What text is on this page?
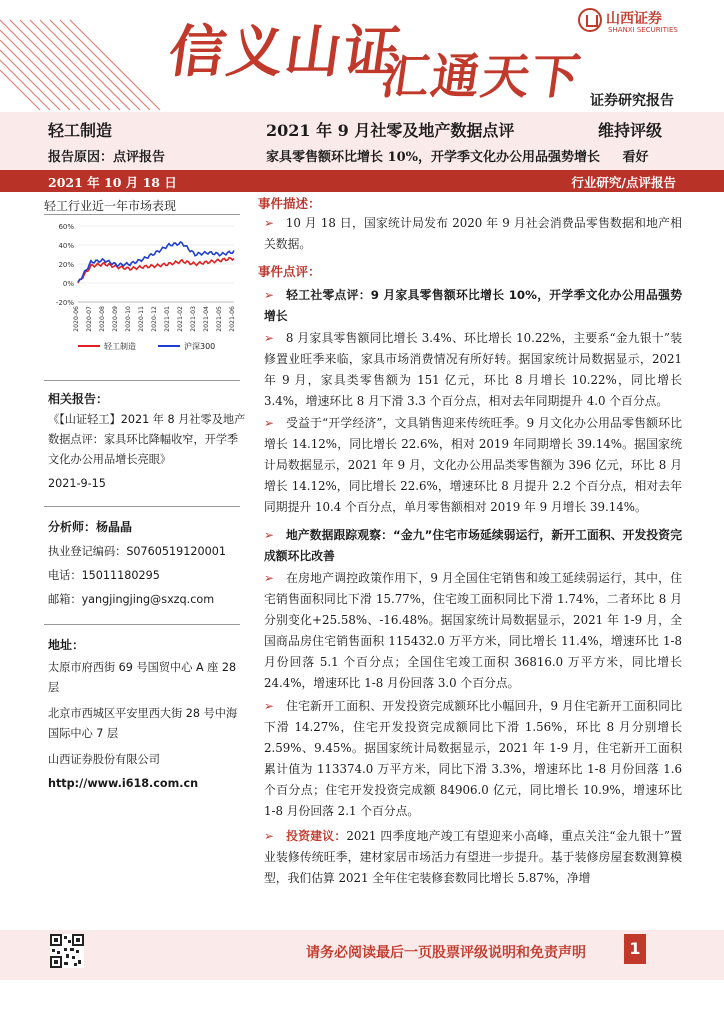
信义山证
汇通天下
山西证券
SHANXI SECURITIES
证券研究报告
轻工制造
报告原因：点评报告
2021 年 9 月社零及地产数据点评	维持评级
家具零售额环比增长 10%，开学季文化办公用品强势增长 看好
2021 年 10 月 18 日	行业研究/点评报告
轻工行业近一年市场表现
60%
40%
20%
0%
-20%
2020-06 2020-07 2020-08 2020-09 2020-10 2020-11 2020-12 2021-01 2021-02 2021-03 2021-04 2021-05 2021-06
轻工制造	沪深300
相关报告：
《【山证轻工】2021 年 8 月社零及地产数据点评：家具环比降幅收窄，开学季文化办公用品增长亮眼》
2021-9-15
分析师：杨晶晶
执业登记编码：S0760519120001
电话：15011180295
邮箱：yangjingjing@sxzq.com
地址：
太原市府西街 69 号国贸中心 A 座 28 层
北京市西城区平安里西大街 28 号中海国际中心 7 层
山西证券股份有限公司
http://www.i618.com.cn
事件描述：
➢ 10 月 18 日，国家统计局发布 2020 年 9 月社会消费品零售数据和地产相关数据。
事件点评：
➢ 轻工社零点评：9 月家具零售额环比增长 10%，开学季文化办公用品强势增长
➢ 8 月家具零售额同比增长 3.4%、环比增长 10.22%，主要系“金九银十”装修置业旺季来临，家具市场消费情况有所好转。据国家统计局数据显示，2021 年 9 月，家具类零售额为 151 亿元，环比 8 月增长 10.22%，同比增长 3.4%，增速环比 8 月下滑 3.3 个百分点，相对去年同期提升 4.0 个百分点。
➢ 受益于“开学经济”，文具销售迎来传统旺季。9 月文化办公用品零售额环比增长 14.12%，同比增长 22.6%，相对 2019 年同期增长 39.14%。据国家统计局数据显示，2021 年 9 月，文化办公用品类零售额为 396 亿元，环比 8 月增长 14.12%，同比增长 22.6%，增速环比 8 月提升 2.2 个百分点，相对去年同期提升 10.4 个百分点，单月零售额相对 2019 年 9 月增长 39.14%。
➢ 地产数据跟踪观察：“金九”住宅市场延续弱运行，新开工面积、开发投资完成额环比改善
➢ 在房地产调控政策作用下，9 月全国住宅销售和竣工延续弱运行，其中，住宅销售面积同比下滑 15.77%，住宅竣工面积同比下滑 1.74%，二者环比 8 月分别变化+25.58%、-16.48%。据国家统计局数据显示，2021 年 1-9 月，全国商品房住宅销售面积 115432.0 万平方米，同比增长 11.4%，增速环比 1-8 月份回落 5.1 个百分点；全国住宅竣工面积 36816.0 万平方米，同比增长 24.4%，增速环比 1-8 月份回落 3.0 个百分点。
➢ 住宅新开工面积、开发投资完成额环比小幅回升，9 月住宅新开工面积同比下滑 14.27%，住宅开发投资完成额同比下滑 1.56%，环比 8 月分别增长 2.59%、9.45%。据国家统计局数据显示，2021 年 1-9 月，住宅新开工面积累计值为 113374.0 万平方米，同比下滑 3.3%，增速环比 1-8 月份回落 1.6 个百分点；住宅开发投资完成额 84906.0 亿元，同比增长 10.9%，增速环比 1-8 月份回落 2.1 个百分点。
➢ 投资建议：2021 四季度地产竣工有望迎来小高峰，重点关注“金九银十”置业装修传统旺季，建材家居市场活力有望进一步提升。基于装修房屋套数测算模型，我们估算 2021 全年住宅装修套数同比增长 5.87%，净增
请务必阅读最后一页股票评级说明和免责声明	1
